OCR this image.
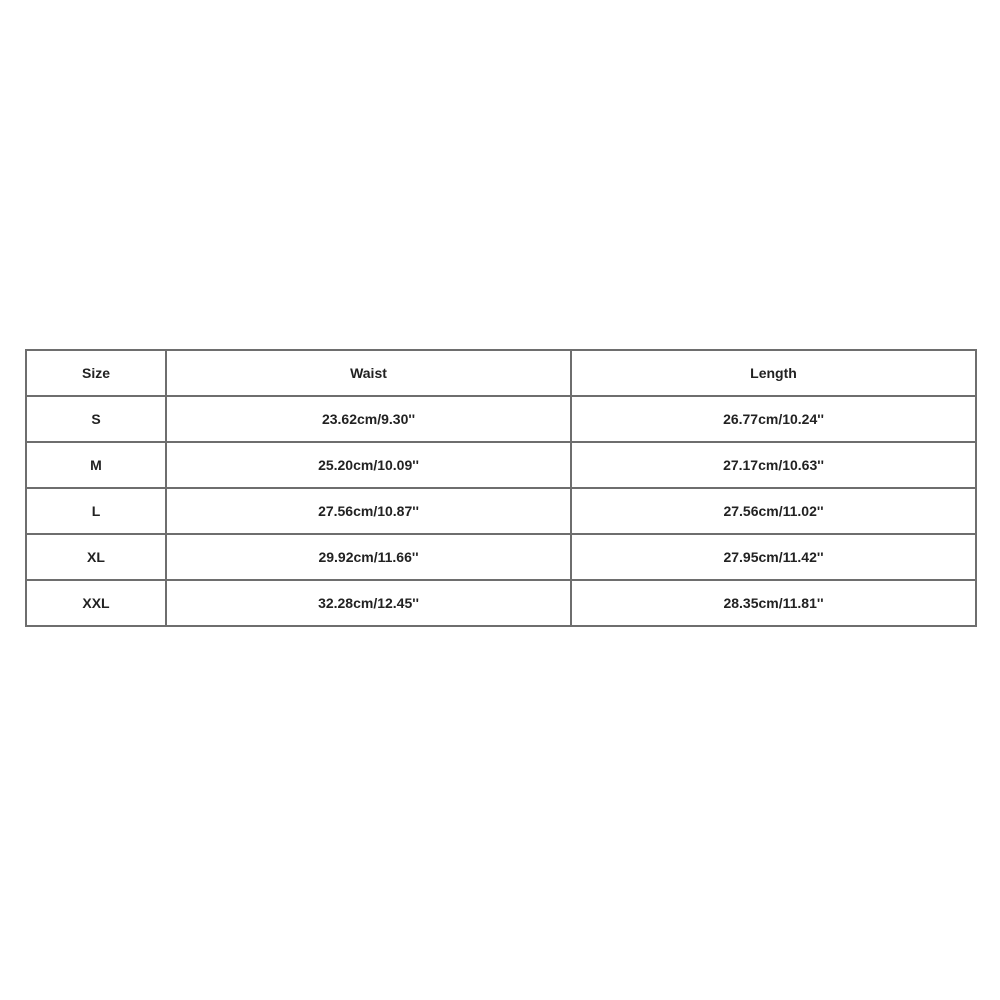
Size	Waist	Length
S	23.62cm/9.30''	26.77cm/10.24''
M	25.20cm/10.09''	27.17cm/10.63''
L	27.56cm/10.87''	27.56cm/11.02''
XL	29.92cm/11.66''	27.95cm/11.42''
XXL	32.28cm/12.45''	28.35cm/11.81''
